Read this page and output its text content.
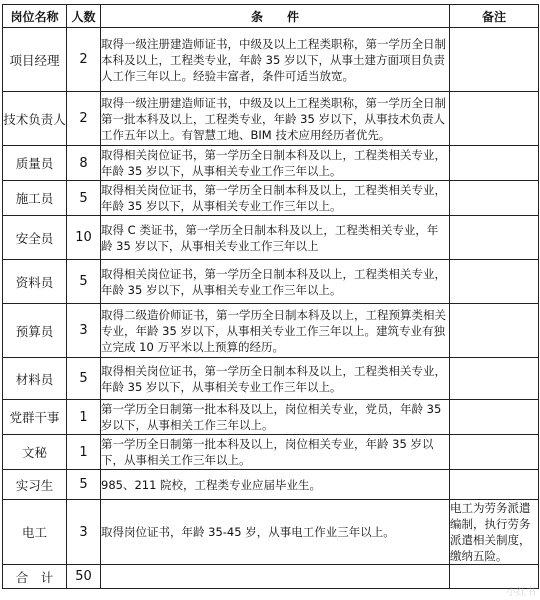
岗位名称	人数	条　　件	备注
项目经理	2	取得一级注册建造师证书，中级及以上工程类职称，第一学历全日制本科及以上，工程类专业，年龄 35 岁以下，从事土建方面项目负责人工作三年以上。经验丰富者，条件可适当放宽。	
技术负责人	2	取得一级注册建造师证书，中级及以上工程类职称，第一学历全日制第一批本科及以上，工程类专业，年龄 35 岁以下，从事技术负责人工作五年以上。有智慧工地、BIM 技术应用经历者优先。	
质量员	8	取得相关岗位证书，第一学历全日制本科及以上，工程类相关专业，年龄 35 岁以下，从事相关专业工作三年以上。	
施工员	5	取得相关岗位证书，第一学历全日制本科及以上，工程类相关专业，年龄 35 岁以下，从事相关专业工作三年以上。	
安全员	10	取得 C 类证书，第一学历全日制本科及以上，工程类相关专业，年龄 35 岁以下，从事相关专业工作三年以上	
资料员	5	取得相关岗位证书，第一学历全日制本科及以上，工程类相关专业，年龄 35 岁以下，从事相关专业工作三年以上。	
预算员	3	取得二级造价师证书，第一学历全日制本科及以上，工程预算类相关专业，年龄 35 岁以下，从事相关专业工作三年以上。建筑专业有独立完成 10 万平米以上预算的经历。	
材料员	5	取得相关岗位证书，第一学历全日制本科及以上，工程类相关专业，年龄 35 岁以下，从事相关专业工作三年以上。	
党群干事	1	第一学历全日制第一批本科及以上，岗位相关专业，党员，年龄 35 岁以下，从事相关工作三年以上。	
文秘	1	第一学历全日制第一批本科及以上，岗位相关专业，年龄 35 岁以下，从事相关工作三年以上。	
实习生	5	985、211 院校，工程类专业应届毕业生。	
电工	3	取得岗位证书，年龄 35-45 岁，从事电工作业三年以上。	电工为劳务派遣编制，执行劳务派遣相关制度，缴纳五险。
合　计	50		
小红书
